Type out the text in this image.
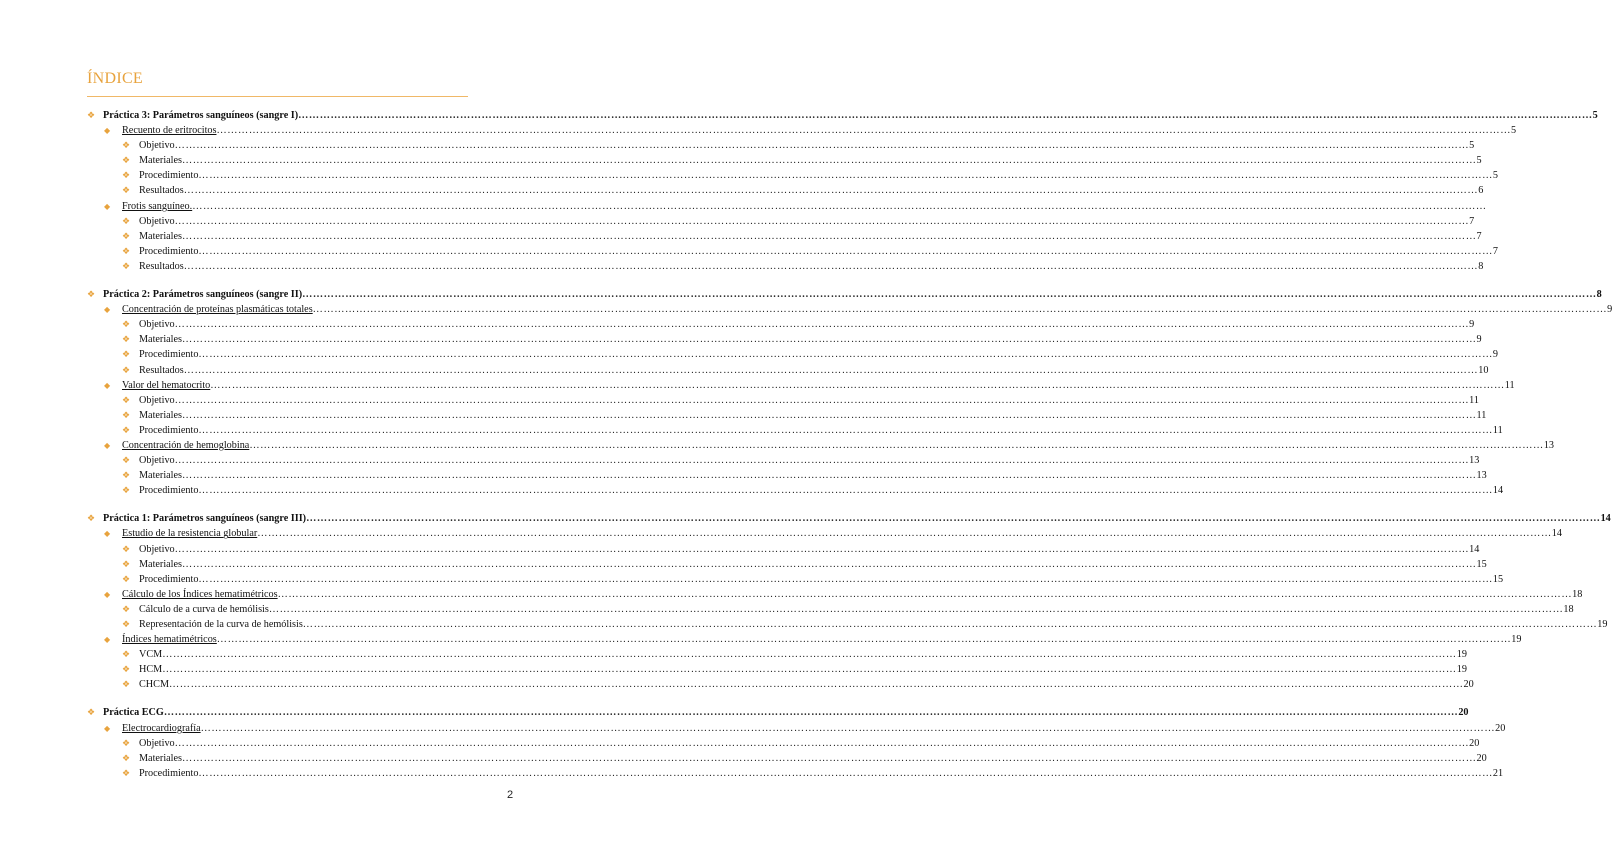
ÍNDICE
❖ Práctica 3: Parámetros sanguíneos (sangre I) ……………………………………………………………………………………………………………………………………………………………………………………………………………………………………………………………………………………………………………………………… 5
◆ Recuento de eritrocitos ……………………………………………………………………………………………………………………………………………………………………………………………………………………………………………………………………………………………………………………………… 5
❖ Objetivo ……………………………………………………………………………………………………………………………………………………………………………………………………………………………………………………………………………………………………………………………… 5
❖ Materiales ……………………………………………………………………………………………………………………………………………………………………………………………………………………………………………………………………………………………………………………………… 5
❖ Procedimiento ……………………………………………………………………………………………………………………………………………………………………………………………………………………………………………………………………………………………………………………………… 5
❖ Resultados ……………………………………………………………………………………………………………………………………………………………………………………………………………………………………………………………………………………………………………………………… 6
◆ Frotis sanguíneo. ………………………………………………………………………………………………………………………………………………………………………………………………………………………………………………………………………………………………………………………………
❖ Objetivo ……………………………………………………………………………………………………………………………………………………………………………………………………………………………………………………………………………………………………………………………… 7
❖ Materiales ……………………………………………………………………………………………………………………………………………………………………………………………………………………………………………………………………………………………………………………………… 7
❖ Procedimiento ……………………………………………………………………………………………………………………………………………………………………………………………………………………………………………………………………………………………………………………………… 7
❖ Resultados ……………………………………………………………………………………………………………………………………………………………………………………………………………………………………………………………………………………………………………………………… 8
❖ Práctica 2: Parámetros sanguíneos (sangre II) ……………………………………………………………………………………………………………………………………………………………………………………………………………………………………………………………………………………………………………………………… 8
◆ Concentración de proteínas plasmáticas totales ……………………………………………………………………………………………………………………………………………………………………………………………………………………………………………………………………………………………………………………………… 9
❖ Objetivo ……………………………………………………………………………………………………………………………………………………………………………………………………………………………………………………………………………………………………………………………… 9
❖ Materiales ……………………………………………………………………………………………………………………………………………………………………………………………………………………………………………………………………………………………………………………………… 9
❖ Procedimiento ……………………………………………………………………………………………………………………………………………………………………………………………………………………………………………………………………………………………………………………………… 9
❖ Resultados ……………………………………………………………………………………………………………………………………………………………………………………………………………………………………………………………………………………………………………………………… 10
◆ Valor del hematocrito ……………………………………………………………………………………………………………………………………………………………………………………………………………………………………………………………………………………………………………………………… 11
❖ Objetivo ……………………………………………………………………………………………………………………………………………………………………………………………………………………………………………………………………………………………………………………………… 11
❖ Materiales ……………………………………………………………………………………………………………………………………………………………………………………………………………………………………………………………………………………………………………………………… 11
❖ Procedimiento ……………………………………………………………………………………………………………………………………………………………………………………………………………………………………………………………………………………………………………………………… 11
◆ Concentración de hemoglobina ……………………………………………………………………………………………………………………………………………………………………………………………………………………………………………………………………………………………………………………………… 13
❖ Objetivo ……………………………………………………………………………………………………………………………………………………………………………………………………………………………………………………………………………………………………………………………… 13
❖ Materiales ……………………………………………………………………………………………………………………………………………………………………………………………………………………………………………………………………………………………………………………………… 13
❖ Procedimiento ……………………………………………………………………………………………………………………………………………………………………………………………………………………………………………………………………………………………………………………………… 14
❖ Práctica 1: Parámetros sanguíneos (sangre III) ……………………………………………………………………………………………………………………………………………………………………………………………………………………………………………………………………………………………………………………………… 14
◆ Estudio de la resistencia globular ……………………………………………………………………………………………………………………………………………………………………………………………………………………………………………………………………………………………………………………………… 14
❖ Objetivo ……………………………………………………………………………………………………………………………………………………………………………………………………………………………………………………………………………………………………………………………… 14
❖ Materiales ……………………………………………………………………………………………………………………………………………………………………………………………………………………………………………………………………………………………………………………………… 15
❖ Procedimiento ……………………………………………………………………………………………………………………………………………………………………………………………………………………………………………………………………………………………………………………………… 15
◆ Cálculo de los Índices hematimétricos ……………………………………………………………………………………………………………………………………………………………………………………………………………………………………………………………………………………………………………………………… 18
❖ Cálculo de a curva de hemólisis ……………………………………………………………………………………………………………………………………………………………………………………………………………………………………………………………………………………………………………………………… 18
❖ Representación de la curva de hemólisis ……………………………………………………………………………………………………………………………………………………………………………………………………………………………………………………………………………………………………………………………… 19
◆ Índices hematimétricos ……………………………………………………………………………………………………………………………………………………………………………………………………………………………………………………………………………………………………………………………… 19
❖ VCM ……………………………………………………………………………………………………………………………………………………………………………………………………………………………………………………………………………………………………………………………… 19
❖ HCM ……………………………………………………………………………………………………………………………………………………………………………………………………………………………………………………………………………………………………………………………… 19
❖ CHCM ……………………………………………………………………………………………………………………………………………………………………………………………………………………………………………………………………………………………………………………………… 20
❖ Práctica ECG ……………………………………………………………………………………………………………………………………………………………………………………………………………………………………………………………………………………………………………………………… 20
◆ Electrocardiografía ……………………………………………………………………………………………………………………………………………………………………………………………………………………………………………………………………………………………………………………………… 20
❖ Objetivo ……………………………………………………………………………………………………………………………………………………………………………………………………………………………………………………………………………………………………………………………… 20
❖ Materiales ……………………………………………………………………………………………………………………………………………………………………………………………………………………………………………………………………………………………………………………………… 20
❖ Procedimiento ……………………………………………………………………………………………………………………………………………………………………………………………………………………………………………………………………………………………………………………………… 21
2
